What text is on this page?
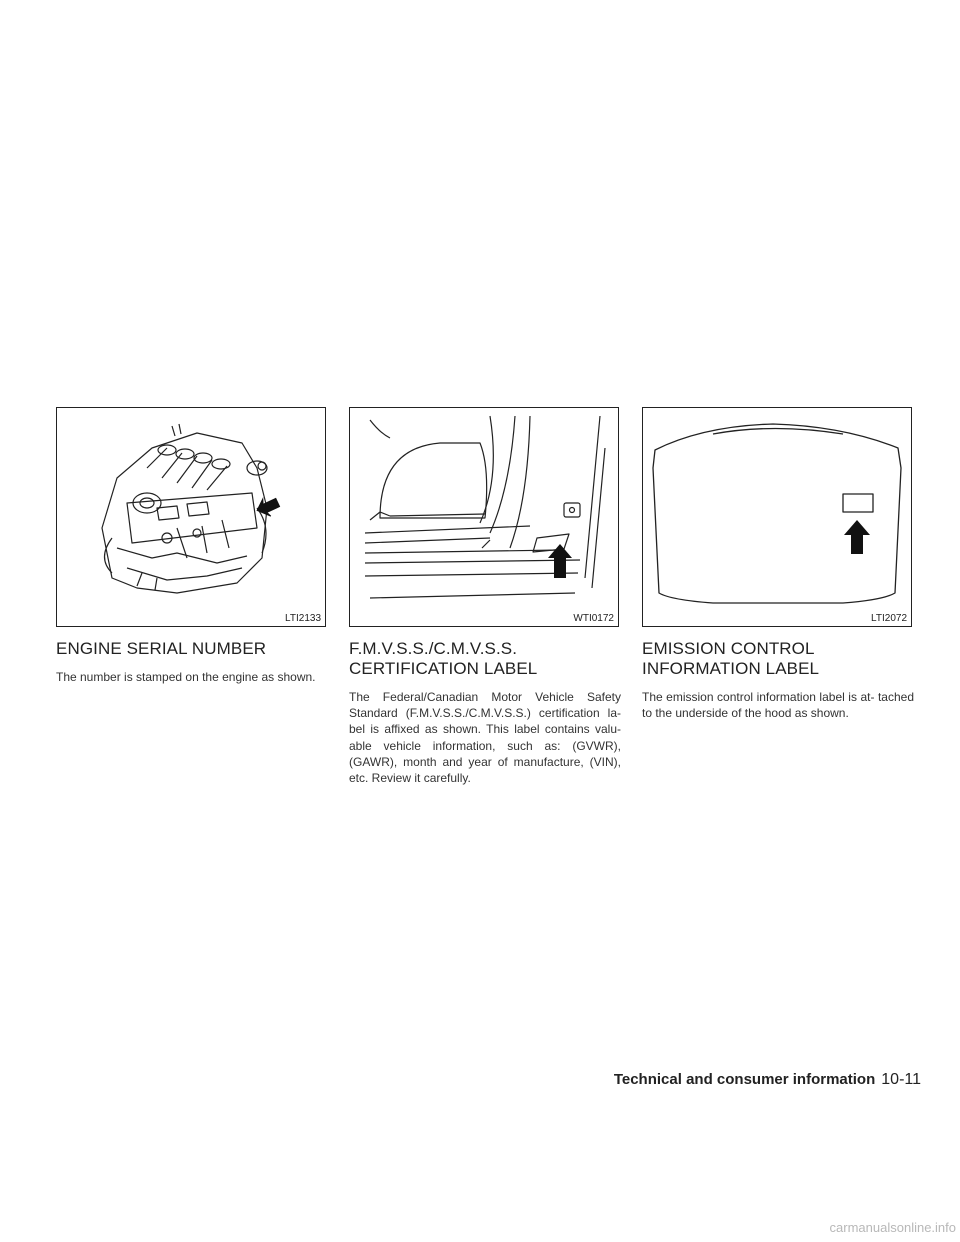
LTI2133
ENGINE SERIAL NUMBER

The number is stamped on the engine as shown.

WTI0172
F.M.V.S.S./C.M.V.S.S.
CERTIFICATION LABEL

The Federal/Canadian Motor Vehicle Safety Standard (F.M.V.S.S./C.M.V.S.S.) certification la- bel is affixed as shown. This label contains valu- able vehicle information, such as: (GVWR), (GAWR), month and year of manufacture, (VIN), etc. Review it carefully.

LTI2072
EMISSION CONTROL
INFORMATION LABEL

The emission control information label is at- tached to the underside of the hood as shown.

Technical and consumer information 10-11
carmanualsonline.info
